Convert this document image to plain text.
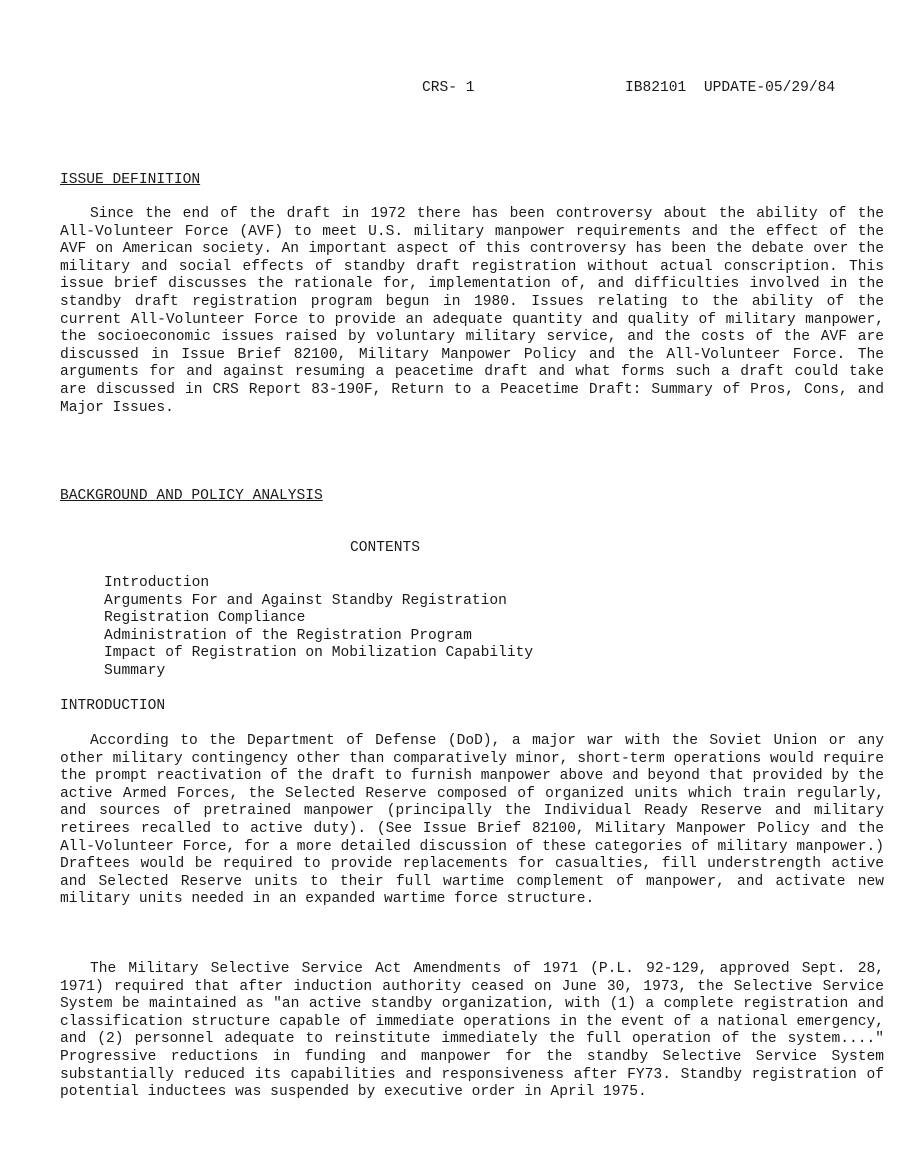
CRS- 1	IB82101 UPDATE-05/29/84
ISSUE DEFINITION

Since the end of the draft in 1972 there has been controversy about the ability of the All-Volunteer Force (AVF) to meet U.S. military manpower requirements and the effect of the AVF on American society. An important aspect of this controversy has been the debate over the military and social effects of standby draft registration without actual conscription. This issue brief discusses the rationale for, implementation of, and difficulties involved in the standby draft registration program begun in 1980. Issues relating to the ability of the current All-Volunteer Force to provide an adequate quantity and quality of military manpower, the socioeconomic issues raised by voluntary military service, and the costs of the AVF are discussed in Issue Brief 82100, Military Manpower Policy and the All-Volunteer Force. The arguments for and against resuming a peacetime draft and what forms such a draft could take are discussed in CRS Report 83-190F, Return to a Peacetime Draft: Summary of Pros, Cons, and Major Issues.

BACKGROUND AND POLICY ANALYSIS
CONTENTS
Introduction
Arguments For and Against Standby Registration
Registration Compliance
Administration of the Registration Program
Impact of Registration on Mobilization Capability
Summary
INTRODUCTION

According to the Department of Defense (DoD), a major war with the Soviet Union or any other military contingency other than comparatively minor, short-term operations would require the prompt reactivation of the draft to furnish manpower above and beyond that provided by the active Armed Forces, the Selected Reserve composed of organized units which train regularly, and sources of pretrained manpower (principally the Individual Ready Reserve and military retirees recalled to active duty). (See Issue Brief 82100, Military Manpower Policy and the All-Volunteer Force, for a more detailed discussion of these categories of military manpower.) Draftees would be required to provide replacements for casualties, fill understrength active and Selected Reserve units to their full wartime complement of manpower, and activate new military units needed in an expanded wartime force structure.

The Military Selective Service Act Amendments of 1971 (P.L. 92-129, approved Sept. 28, 1971) required that after induction authority ceased on June 30, 1973, the Selective Service System be maintained as "an active standby organization, with (1) a complete registration and classification structure capable of immediate operations in the event of a national emergency, and (2) personnel adequate to reinstitute immediately the full operation of the system...." Progressive reductions in funding and manpower for the standby Selective Service System substantially reduced its capabilities and responsiveness after FY73. Standby registration of potential inductees was suspended by executive order in April 1975.
